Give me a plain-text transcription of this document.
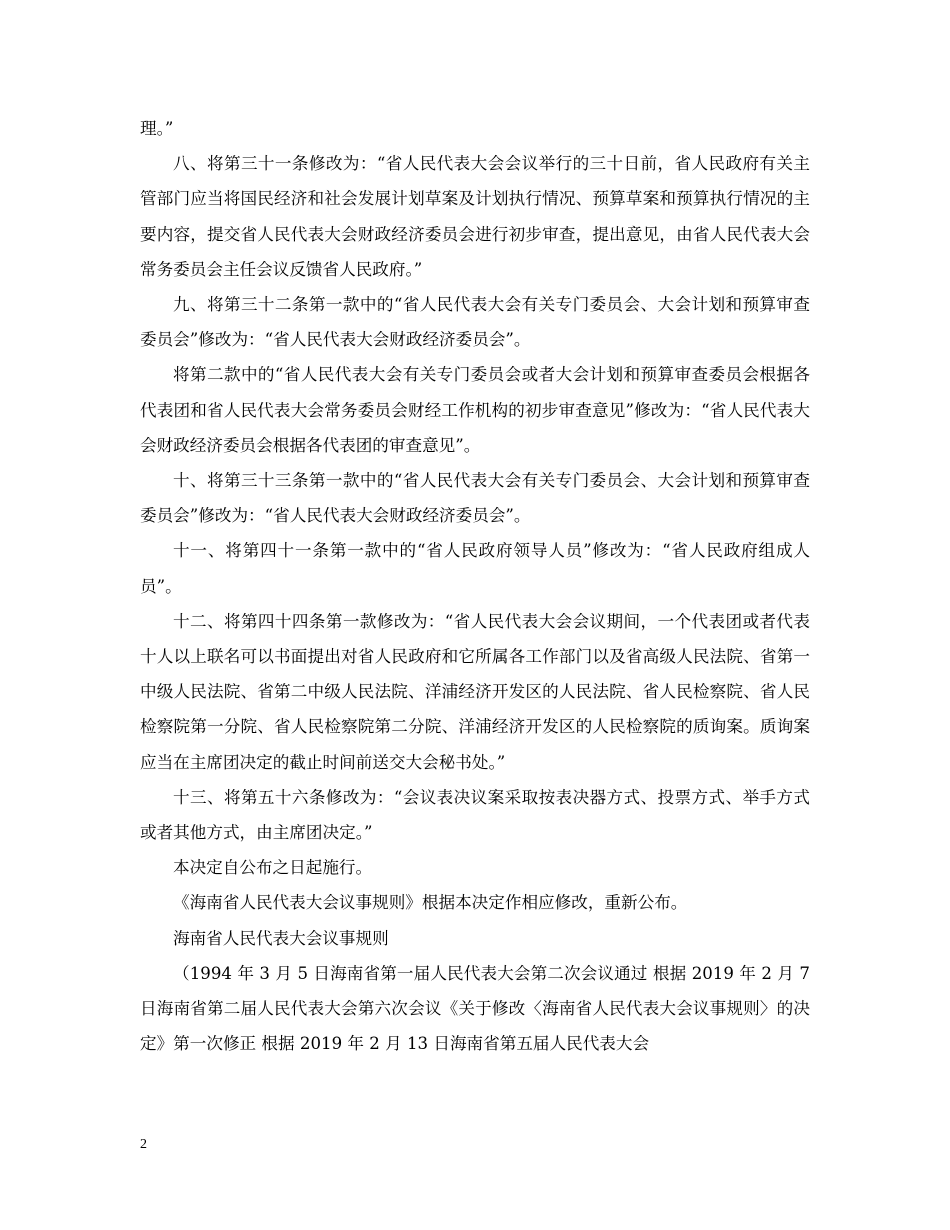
理。”

八、将第三十一条修改为：“省人民代表大会会议举行的三十日前，省人民政府有关主管部门应当将国民经济和社会发展计划草案及计划执行情况、预算草案和预算执行情况的主要内容，提交省人民代表大会财政经济委员会进行初步审查，提出意见，由省人民代表大会常务委员会主任会议反馈省人民政府。”

九、将第三十二条第一款中的“省人民代表大会有关专门委员会、大会计划和预算审查委员会”修改为：“省人民代表大会财政经济委员会”。

将第二款中的“省人民代表大会有关专门委员会或者大会计划和预算审查委员会根据各代表团和省人民代表大会常务委员会财经工作机构的初步审查意见”修改为：“省人民代表大会财政经济委员会根据各代表团的审查意见”。

十、将第三十三条第一款中的“省人民代表大会有关专门委员会、大会计划和预算审查委员会”修改为：“省人民代表大会财政经济委员会”。

十一、将第四十一条第一款中的“省人民政府领导人员”修改为：“省人民政府组成人员”。

十二、将第四十四条第一款修改为：“省人民代表大会会议期间，一个代表团或者代表十人以上联名可以书面提出对省人民政府和它所属各工作部门以及省高级人民法院、省第一中级人民法院、省第二中级人民法院、洋浦经济开发区的人民法院、省人民检察院、省人民检察院第一分院、省人民检察院第二分院、洋浦经济开发区的人民检察院的质询案。质询案应当在主席团决定的截止时间前送交大会秘书处。”

十三、将第五十六条修改为：“会议表决议案采取按表决器方式、投票方式、举手方式或者其他方式，由主席团决定。”

本决定自公布之日起施行。

《海南省人民代表大会议事规则》根据本决定作相应修改，重新公布。

海南省人民代表大会议事规则

（1994 年 3 月 5 日海南省第一届人民代表大会第二次会议通过 根据 2019 年 2 月 7 日海南省第二届人民代表大会第六次会议《关于修改〈海南省人民代表大会议事规则〉的决定》第一次修正 根据 2019 年 2 月 13 日海南省第五届人民代表大会

2
